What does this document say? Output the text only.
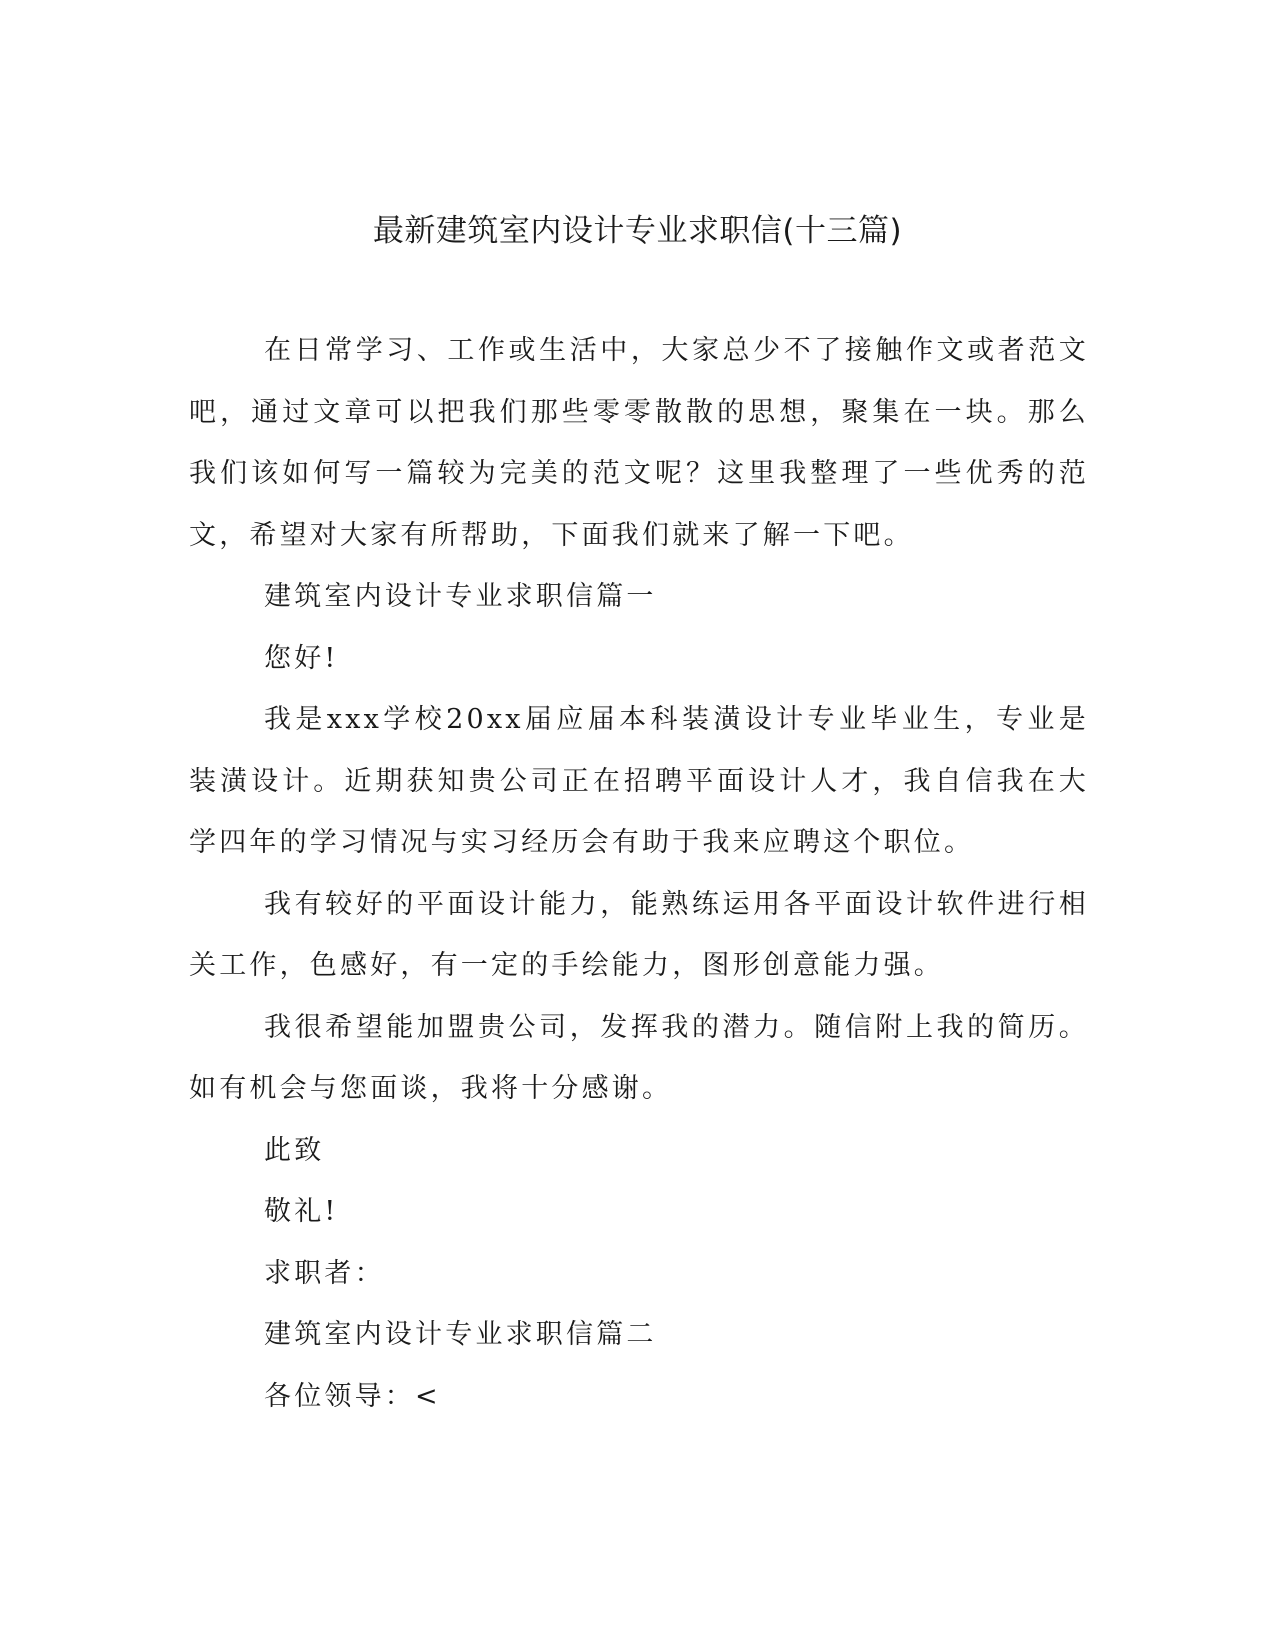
最新建筑室内设计专业求职信(十三篇)

在日常学习、工作或生活中，大家总少不了接触作文或者范文吧，通过文章可以把我们那些零零散散的思想，聚集在一块。那么我们该如何写一篇较为完美的范文呢？这里我整理了一些优秀的范文，希望对大家有所帮助，下面我们就来了解一下吧。

建筑室内设计专业求职信篇一

您好!

我是xxx学校20xx届应届本科装潢设计专业毕业生，专业是装潢设计。近期获知贵公司正在招聘平面设计人才，我自信我在大学四年的学习情况与实习经历会有助于我来应聘这个职位。

我有较好的平面设计能力，能熟练运用各平面设计软件进行相关工作，色感好，有一定的手绘能力，图形创意能力强。

我很希望能加盟贵公司，发挥我的潜力。随信附上我的简历。如有机会与您面谈，我将十分感谢。

此致

敬礼!

求职者：

建筑室内设计专业求职信篇二

各位领导：<
